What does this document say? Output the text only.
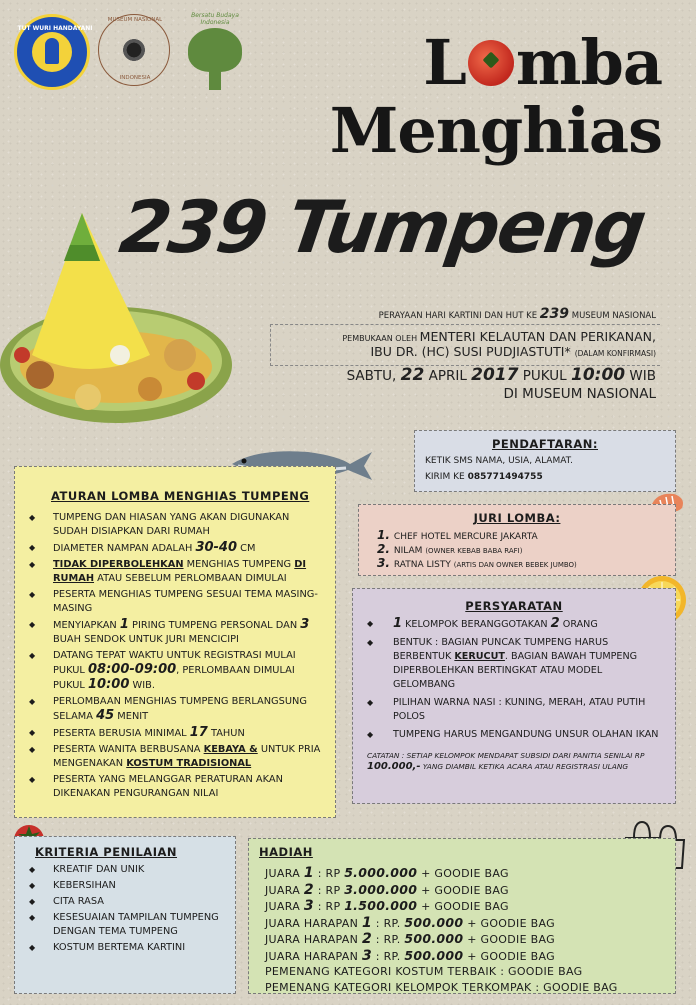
TUT WURI HANDAYANI
MUSEUM NASIONAL
INDONESIA
Bersatu Budaya Indonesia
L mba
Menghias
239 Tumpeng
PERAYAAN HARI KARTINI DAN HUT KE 239 MUSEUM NASIONAL
PEMBUKAAN OLEH MENTERI KELAUTAN DAN PERIKANAN,
IBU DR. (HC) SUSI PUDJIASTUTI* (DALAM KONFIRMASI)
SABTU, 22 APRIL 2017 PUKUL 10:00 WIB
DI MUSEUM NASIONAL
PENDAFTARAN:
KETIK SMS NAMA, USIA, ALAMAT.
KIRIM KE 085771494755
ATURAN LOMBA MENGHIAS TUMPENG
◆ TUMPENG DAN HIASAN YANG AKAN DIGUNAKAN SUDAH DISIAPKAN DARI RUMAH
◆ DIAMETER NAMPAN ADALAH 30-40 CM
◆ TIDAK DIPERBOLEHKAN MENGHIAS TUMPENG DI RUMAH ATAU SEBELUM PERLOMBAAN DIMULAI
◆ PESERTA MENGHIAS TUMPENG SESUAI TEMA MASING-MASING
◆ MENYIAPKAN 1 PIRING TUMPENG PERSONAL DAN 3 BUAH SENDOK UNTUK JURI MENCICIPI
◆ DATANG TEPAT WAKTU UNTUK REGISTRASI MULAI PUKUL 08:00-09:00, PERLOMBAAN DIMULAI PUKUL 10:00 WIB.
◆ PERLOMBAAN MENGHIAS TUMPENG BERLANGSUNG SELAMA 45 MENIT
◆ PESERTA BERUSIA MINIMAL 17 TAHUN
◆ PESERTA WANITA BERBUSANA KEBAYA & UNTUK PRIA MENGENAKAN KOSTUM TRADISIONAL
◆ PESERTA YANG MELANGGAR PERATURAN AKAN DIKENAKAN PENGURANGAN NILAI
JURI LOMBA:
1. CHEF HOTEL MERCURE JAKARTA
2. NILAM (OWNER KEBAB BABA RAFI)
3. RATNA LISTY (ARTIS DAN OWNER BEBEK JUMBO)
PERSYARATAN
◆ 1 KELOMPOK BERANGGOTAKAN 2 ORANG
◆ BENTUK : BAGIAN PUNCAK TUMPENG HARUS BERBENTUK KERUCUT. BAGIAN BAWAH TUMPENG DIPERBOLEHKAN BERTINGKAT ATAU MODEL GELOMBANG
◆ PILIHAN WARNA NASI : KUNING, MERAH, ATAU PUTIH POLOS
◆ TUMPENG HARUS MENGANDUNG UNSUR OLAHAN IKAN
CATATAN : SETIAP KELOMPOK MENDAPAT SUBSIDI DARI PANITIA SENILAI RP 100.000,- YANG DIAMBIL KETIKA ACARA ATAU REGISTRASI ULANG
KRITERIA PENILAIAN
◆ KREATIF DAN UNIK
◆ KEBERSIHAN
◆ CITA RASA
◆ KESESUAIAN TAMPILAN TUMPENG DENGAN TEMA TUMPENG
◆ KOSTUM BERTEMA KARTINI
HADIAH
JUARA 1 : RP 5.000.000 + GOODIE BAG
JUARA 2 : RP 3.000.000 + GOODIE BAG
JUARA 3 : RP 1.500.000 + GOODIE BAG
JUARA HARAPAN 1 : RP. 500.000 + GOODIE BAG
JUARA HARAPAN 2 : RP. 500.000 + GOODIE BAG
JUARA HARAPAN 3 : RP. 500.000 + GOODIE BAG
PEMENANG KATEGORI KOSTUM TERBAIK : GOODIE BAG
PEMENANG KATEGORI KELOMPOK TERKOMPAK : GOODIE BAG
